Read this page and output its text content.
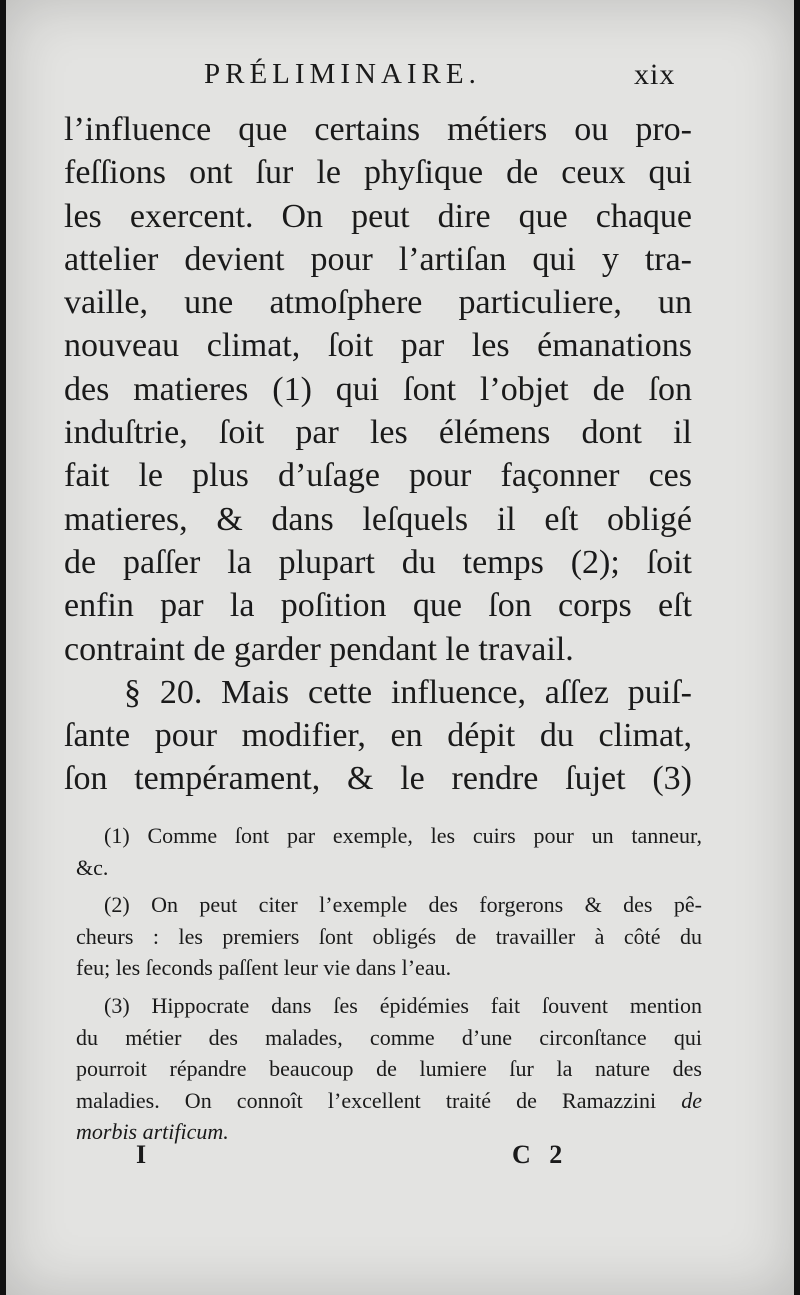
PRÉLIMINAIRE.	xix
l’influence que certains métiers ou pro-
feſſions ont ſur le phyſique de ceux qui
les exercent. On peut dire que chaque
attelier devient pour l’artiſan qui y tra-
vaille, une atmoſphere particuliere, un
nouveau climat, ſoit par les émanations
des matieres (1) qui ſont l’objet de ſon
induſtrie, ſoit par les élémens dont il
fait le plus d’uſage pour façonner ces
matieres, & dans leſquels il eſt obligé
de paſſer la plupart du temps (2); ſoit
enfin par la poſition que ſon corps eſt
contraint de garder pendant le travail.
§ 20. Mais cette influence, aſſez puiſ-
ſante pour modifier, en dépit du climat,
ſon tempérament, & le rendre ſujet (3)
(1) Comme ſont par exemple, les cuirs pour un tanneur,
&c.
(2) On peut citer l’exemple des forgerons & des pê-
cheurs : les premiers ſont obligés de travailler à côté du
feu; les ſeconds paſſent leur vie dans l’eau.
(3) Hippocrate dans ſes épidémies fait ſouvent mention
du métier des malades, comme d’une circonſtance qui
pourroit répandre beaucoup de lumiere ſur la nature des
maladies. On connoît l’excellent traité de Ramazzini de
morbis artificum.
I	C 2
